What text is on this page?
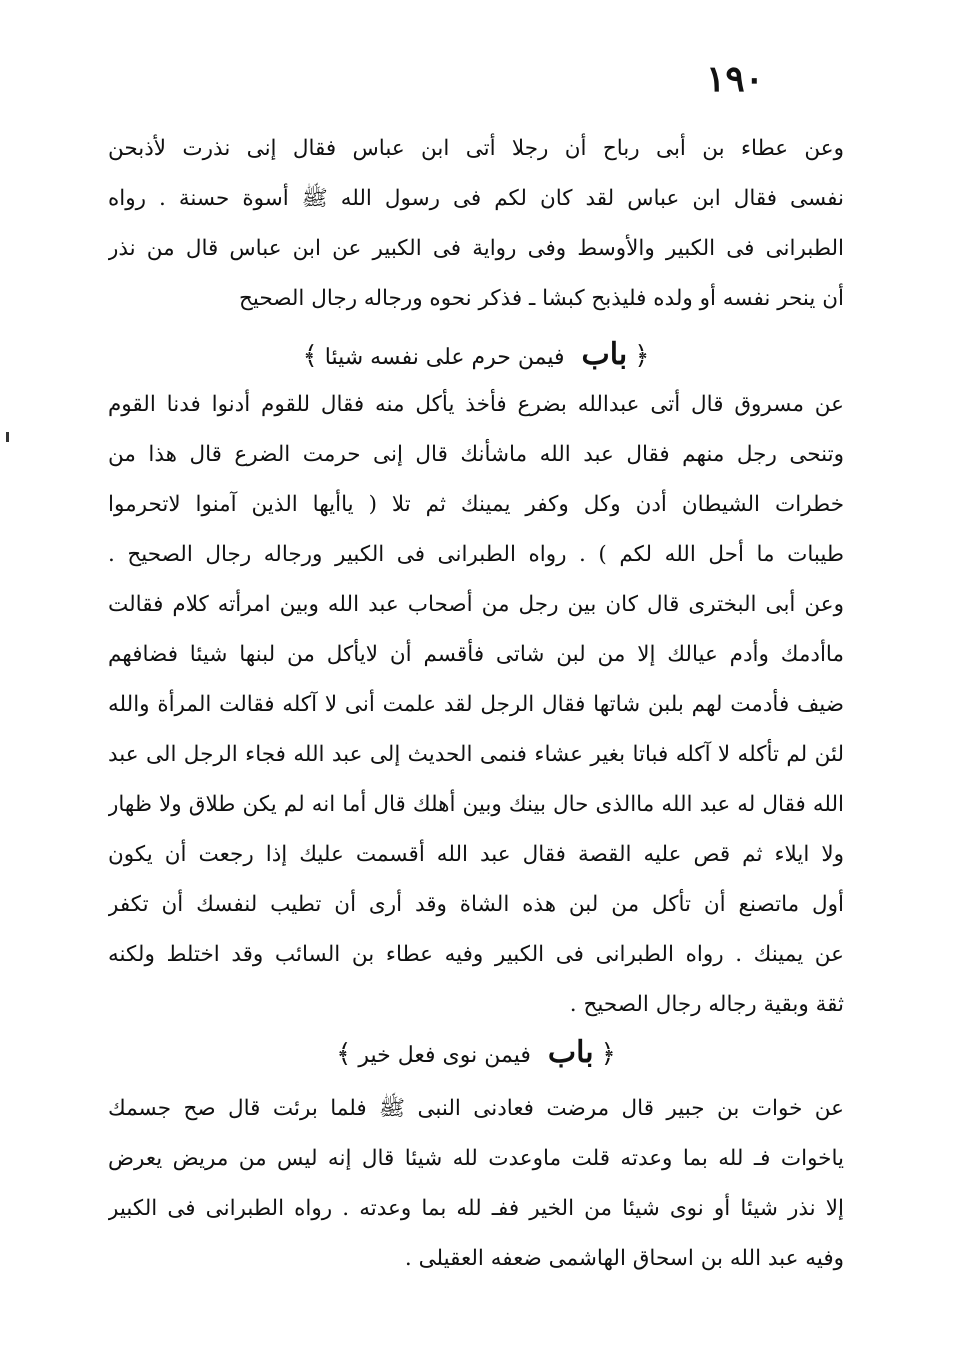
١٩٠
وعن عطاء بن أبى رباح أن رجلا أتى ابن عباس فقال إنى نذرت لأذبحن
نفسى فقال ابن عباس لقد كان لكم فى رسول الله ﷺ أسوة حسنة . رواه
الطبرانى فى الكبير والأوسط وفى رواية فى الكبير عن ابن عباس قال من نذر
أن ينحر نفسه أو ولده فليذبح كبشا ـ فذكر نحوه ورجاله رجال الصحيح
﴿ باب فيمن حرم على نفسه شيئا ﴾
عن مسروق قال أتى عبدالله بضرع فأخذ يأكل منه فقال للقوم أدنوا فدنا القوم
وتنحى رجل منهم فقال عبد الله ماشأنك قال إنى حرمت الضرع قال هذا من
خطرات الشيطان أدن وكل وكفر يمينك ثم تلا ( ياأيها الذين آمنوا لاتحرموا
طيبات ما أحل الله لكم ) . رواه الطبرانى فى الكبير ورجاله رجال الصحيح .
وعن أبى البخترى قال كان بين رجل من أصحاب عبد الله وبين امرأته كلام فقالت
ماأدمك وأدم عيالك إلا من لبن شاتى فأقسم أن لايأكل من لبنها شيئا فضافهم
ضيف فأدمت لهم بلبن شاتها فقال الرجل لقد علمت أنى لا آكله فقالت المرأة والله
لئن لم تأكله لا آكله فباتا بغير عشاء فنمى الحديث إلى عبد الله فجاء الرجل الى عبد
الله فقال له عبد الله ماالذى حال بينك وبين أهلك قال أما انه لم يكن طلاق ولا ظهار
ولا ايلاء ثم قص عليه القصة فقال عبد الله أقسمت عليك إذا رجعت أن يكون
أول ماتصنع أن تأكل من لبن هذه الشاة وقد أرى أن تطيب لنفسك أن تكفر
عن يمينك . رواه الطبرانى فى الكبير وفيه عطاء بن السائب وقد اختلط ولكنه
ثقة وبقية رجاله رجال الصحيح .
﴿ باب فيمن نوى فعل خير ﴾
عن خوات بن جبير قال مرضت فعادنى النبى ﷺ فلما برئت قال صح جسمك
ياخوات فـ لله بما وعدته قلت ماوعدت لله شيئا قال إنه ليس من مريض يعرض
إلا نذر شيئا أو نوى شيئا من الخير ففـ لله بما وعدته . رواه الطبرانى فى الكبير
وفيه عبد الله بن اسحاق الهاشمى ضعفه العقيلى .
